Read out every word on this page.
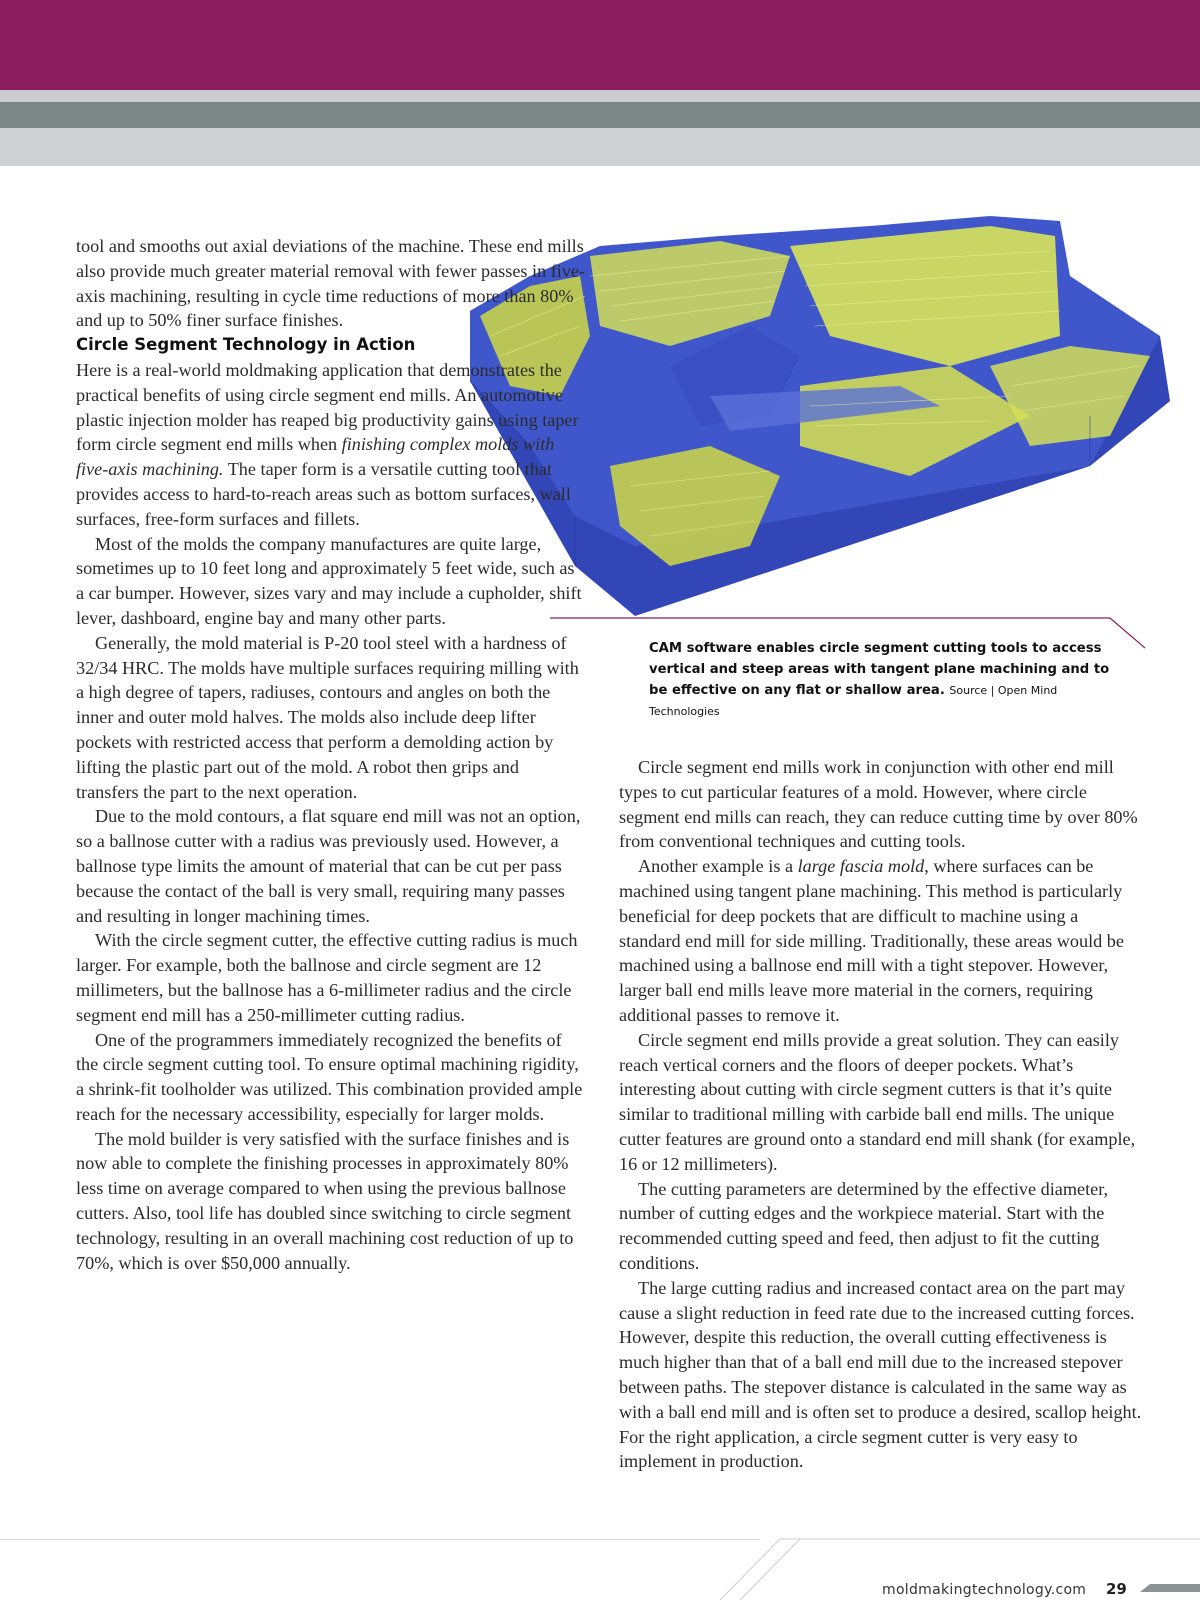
CAM software enables circle segment cutting tools to access vertical and steep areas with tangent plane machining and to be effective on any flat or shallow area. Source | Open Mind Technologies

tool and smooths out axial deviations of the machine. These end mills also provide much greater material removal with fewer passes in five-axis machining, resulting in cycle time reductions of more than 80% and up to 50% finer surface finishes.

Circle Segment Technology in Action

Here is a real-world moldmaking application that demonstrates the practical benefits of using circle segment end mills. An automotive plastic injection molder has reaped big productivity gains using taper form circle segment end mills when finishing complex molds with five-axis machining. The taper form is a versatile cutting tool that provides access to hard-to-reach areas such as bottom surfaces, wall surfaces, free-form surfaces and fillets.

Most of the molds the company manufactures are quite large, sometimes up to 10 feet long and approximately 5 feet wide, such as a car bumper. However, sizes vary and may include a cupholder, shift lever, dashboard, engine bay and many other parts.

Generally, the mold material is P-20 tool steel with a hardness of 32/34 HRC. The molds have multiple surfaces requiring milling with a high degree of tapers, radiuses, contours and angles on both the inner and outer mold halves. The molds also include deep lifter pockets with restricted access that perform a demolding action by lifting the plastic part out of the mold. A robot then grips and transfers the part to the next operation.

Due to the mold contours, a flat square end mill was not an option, so a ballnose cutter with a radius was previously used. However, a ballnose type limits the amount of material that can be cut per pass because the contact of the ball is very small, requiring many passes and resulting in longer machining times.

With the circle segment cutter, the effective cutting radius is much larger. For example, both the ballnose and circle segment are 12 millimeters, but the ballnose has a 6-millimeter radius and the circle segment end mill has a 250-millimeter cutting radius.

One of the programmers immediately recognized the benefits of the circle segment cutting tool. To ensure optimal machining rigidity, a shrink-fit toolholder was utilized. This combination provided ample reach for the necessary accessibility, especially for larger molds.

The mold builder is very satisfied with the surface finishes and is now able to complete the finishing processes in approximately 80% less time on average compared to when using the previous ballnose cutters. Also, tool life has doubled since switching to circle segment technology, resulting in an overall machining cost reduction of up to 70%, which is over $50,000 annually.

Circle segment end mills work in conjunction with other end mill types to cut particular features of a mold. However, where circle segment end mills can reach, they can reduce cutting time by over 80% from conventional techniques and cutting tools.

Another example is a large fascia mold, where surfaces can be machined using tangent plane machining. This method is particularly beneficial for deep pockets that are difficult to machine using a standard end mill for side milling. Traditionally, these areas would be machined using a ballnose end mill with a tight stepover. However, larger ball end mills leave more material in the corners, requiring additional passes to remove it.

Circle segment end mills provide a great solution. They can easily reach vertical corners and the floors of deeper pockets. What’s interesting about cutting with circle segment cutters is that it’s quite similar to traditional milling with carbide ball end mills. The unique cutter features are ground onto a standard end mill shank (for example, 16 or 12 millimeters).

The cutting parameters are determined by the effective diameter, number of cutting edges and the workpiece material. Start with the recommended cutting speed and feed, then adjust to fit the cutting conditions.

The large cutting radius and increased contact area on the part may cause a slight reduction in feed rate due to the increased cutting forces. However, despite this reduction, the overall cutting effectiveness is much higher than that of a ball end mill due to the increased stepover between paths. The stepover distance is calculated in the same way as with a ball end mill and is often set to produce a desired, scallop height. For the right application, a circle segment cutter is very easy to implement in production.

moldmakingtechnology.com 29
